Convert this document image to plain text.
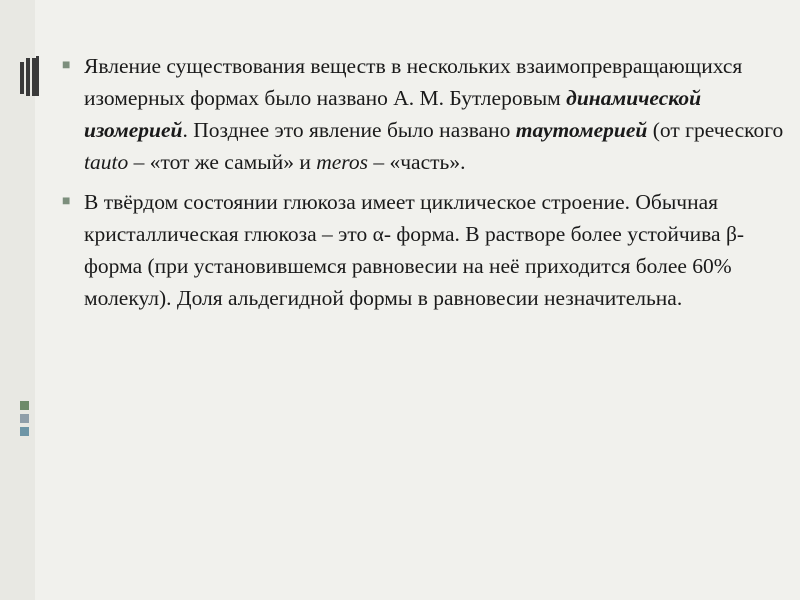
■ Явление существования веществ в нескольких взаимопревращающихся изомерных формах было названо А. М. Бутлеровым динамической изомерией. Позднее это явление было названо таутомерией (от греческого tauto – «тот же самый» и meros – «часть».

■ В твёрдом состоянии глюкоза имеет циклическое строение. Обычная кристаллическая глюкоза – это α- форма. В растворе более устойчива β-форма (при установившемся равновесии на неё приходится более 60% молекул). Доля альдегидной формы в равновесии незначительна.
